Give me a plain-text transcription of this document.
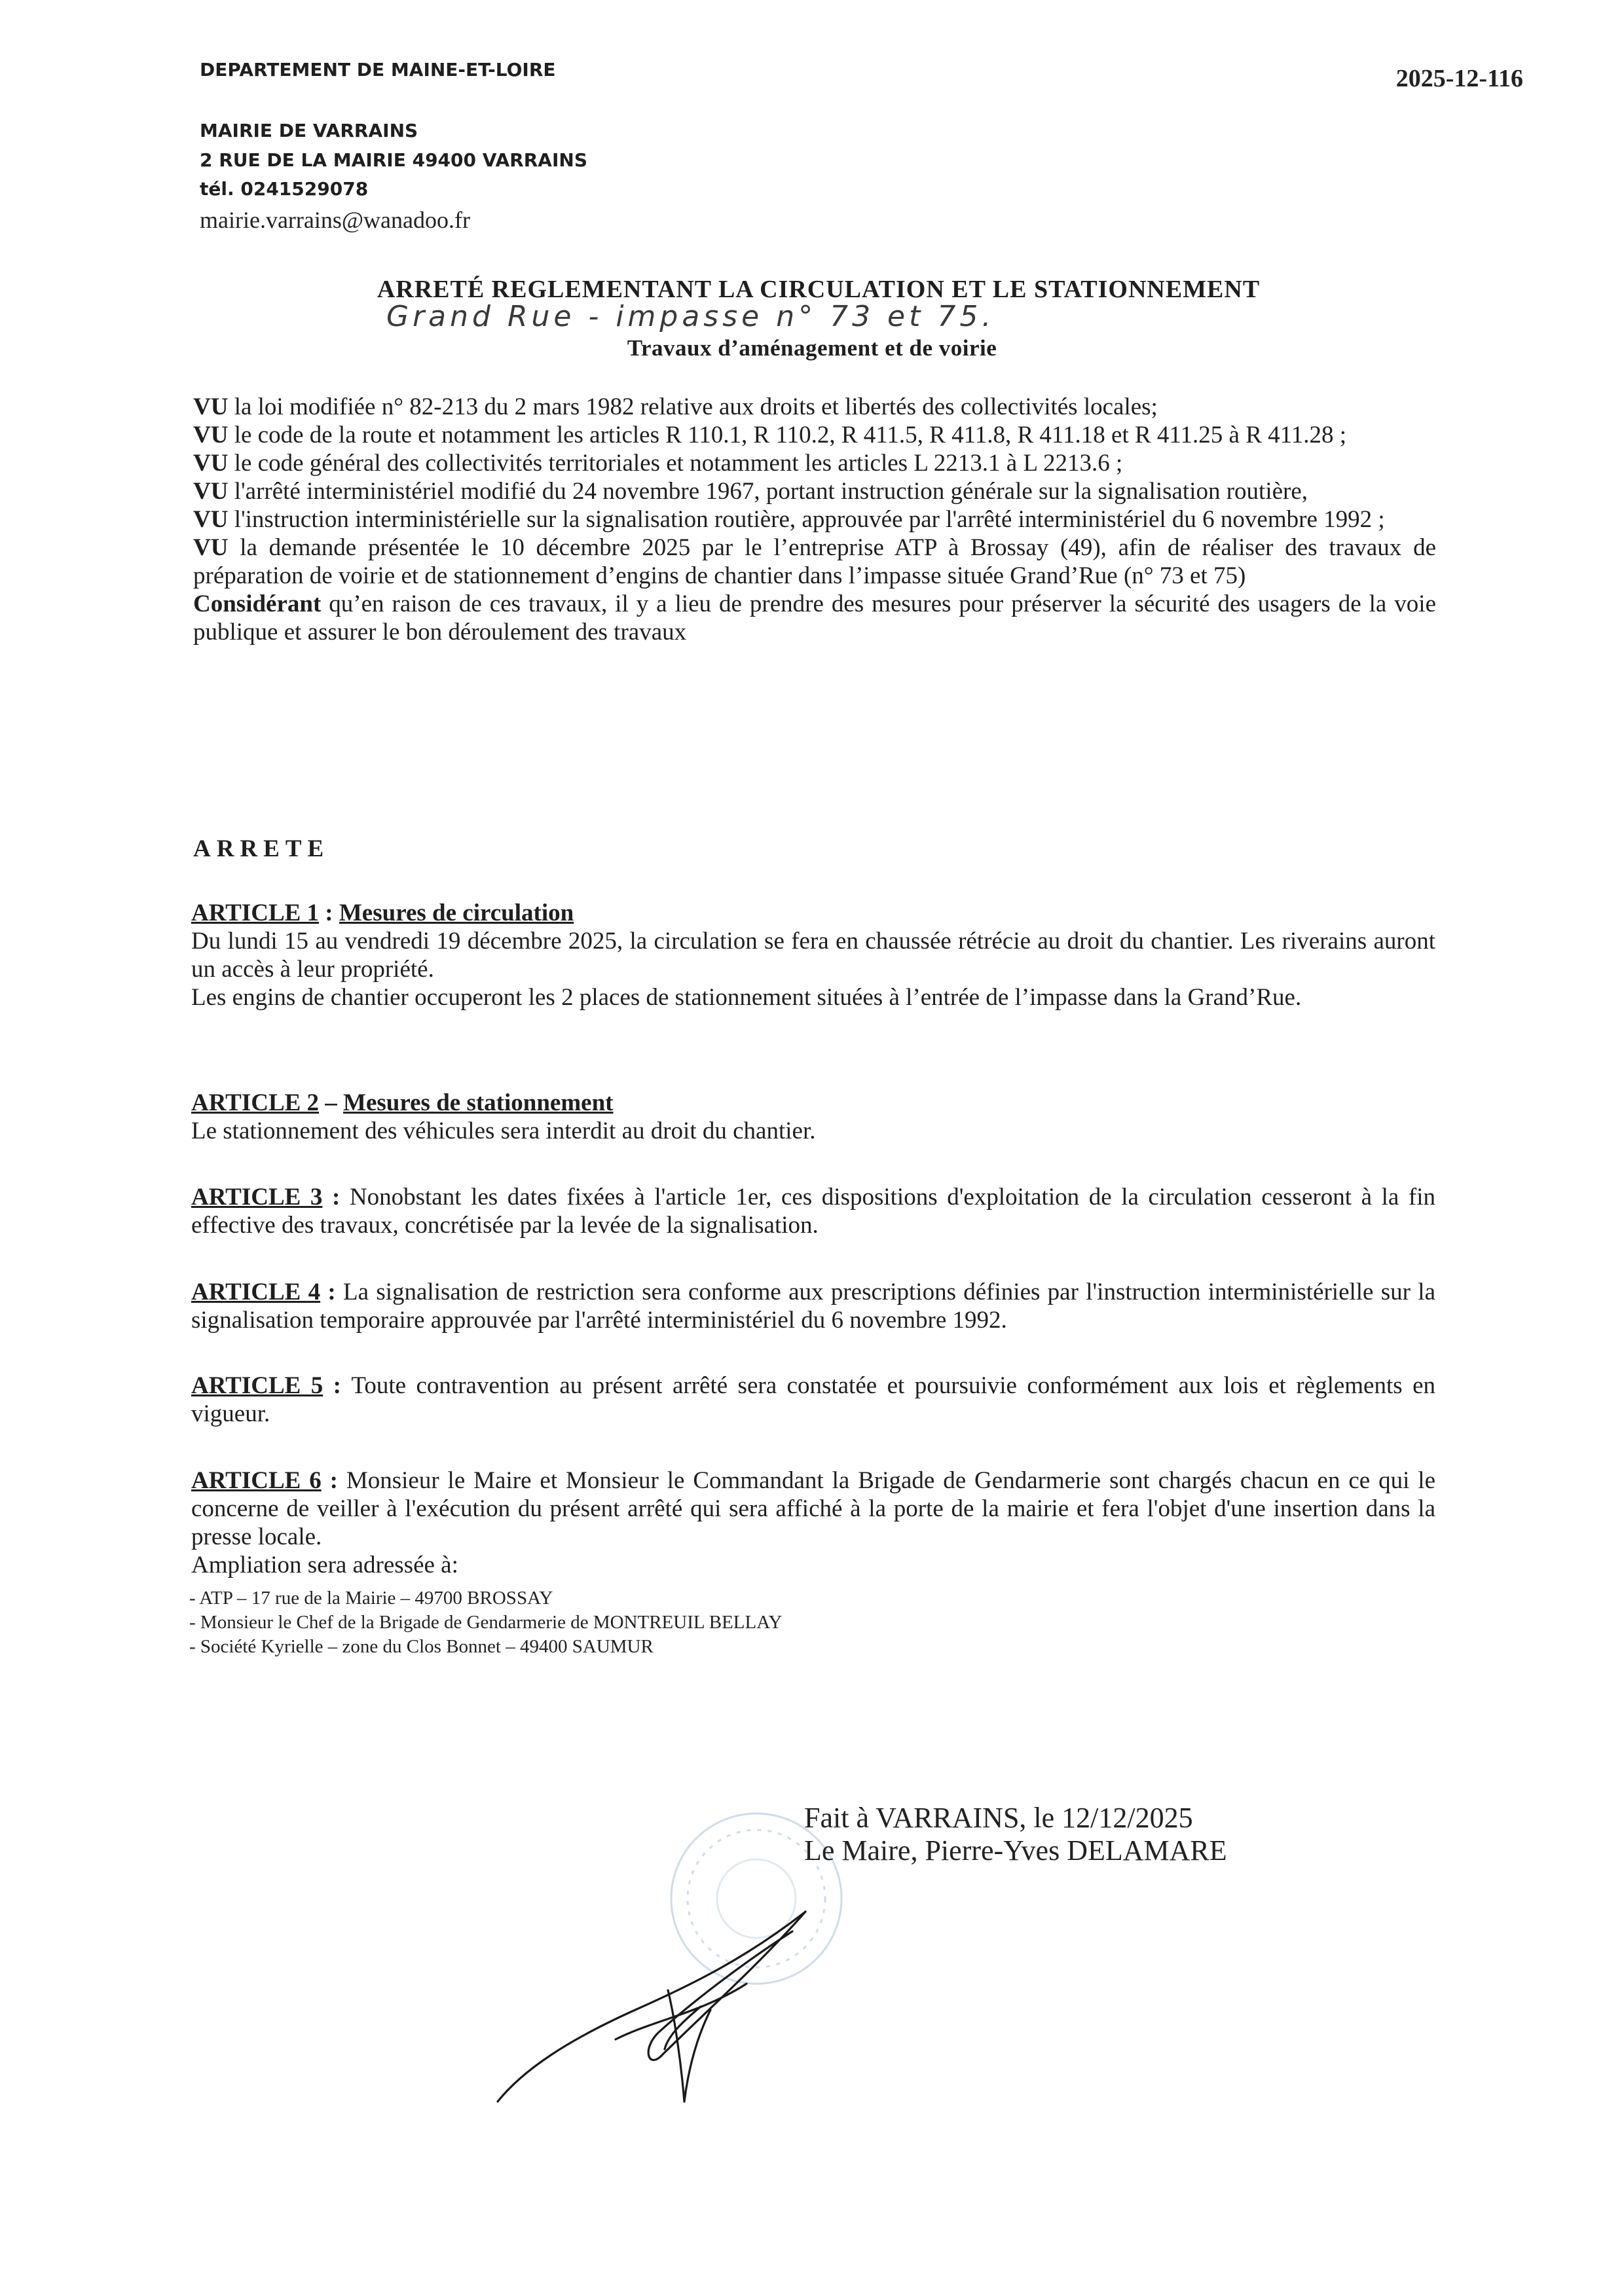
DEPARTEMENT DE MAINE-ET-LOIRE	2025-12-116
MAIRIE DE VARRAINS
2 RUE DE LA MAIRIE 49400 VARRAINS
tél. 0241529078
mairie.varrains@wanadoo.fr
ARRETÉ REGLEMENTANT LA CIRCULATION ET LE STATIONNEMENT
Grand Rue - impasse n° 73 et 75.
Travaux d’aménagement et de voirie

VU la loi modifiée n° 82-213 du 2 mars 1982 relative aux droits et libertés des collectivités locales;

VU le code de la route et notamment les articles R 110.1, R 110.2, R 411.5, R 411.8, R 411.18 et R 411.25 à R 411.28 ;

VU le code général des collectivités territoriales et notamment les articles L 2213.1 à L 2213.6 ;

VU l'arrêté interministériel modifié du 24 novembre 1967, portant instruction générale sur la signalisation routière,

VU l'instruction interministérielle sur la signalisation routière, approuvée par l'arrêté interministériel du 6 novembre 1992 ;

VU la demande présentée le 10 décembre 2025 par le l’entreprise ATP à Brossay (49), afin de réaliser des travaux de préparation de voirie et de stationnement d’engins de chantier dans l’impasse située Grand’Rue (n° 73 et 75)

Considérant qu’en raison de ces travaux, il y a lieu de prendre des mesures pour préserver la sécurité des usagers de la voie publique et assurer le bon déroulement des travaux

ARRETE

ARTICLE 1 : Mesures de circulation

Du lundi 15 au vendredi 19 décembre 2025, la circulation se fera en chaussée rétrécie au droit du chantier. Les riverains auront un accès à leur propriété.

Les engins de chantier occuperont les 2 places de stationnement situées à l’entrée de l’impasse dans la Grand’Rue.

ARTICLE 2 – Mesures de stationnement

Le stationnement des véhicules sera interdit au droit du chantier.

ARTICLE 3 : Nonobstant les dates fixées à l'article 1er, ces dispositions d'exploitation de la circulation cesseront à la fin effective des travaux, concrétisée par la levée de la signalisation.

ARTICLE 4 : La signalisation de restriction sera conforme aux prescriptions définies par l'instruction interministérielle sur la signalisation temporaire approuvée par l'arrêté interministériel du 6 novembre 1992.

ARTICLE 5 : Toute contravention au présent arrêté sera constatée et poursuivie conformément aux lois et règlements en vigueur.

ARTICLE 6 : Monsieur le Maire et Monsieur le Commandant la Brigade de Gendarmerie sont chargés chacun en ce qui le concerne de veiller à l'exécution du présent arrêté qui sera affiché à la porte de la mairie et fera l'objet d'une insertion dans la presse locale.

Ampliation sera adressée à:

- ATP – 17 rue de la Mairie – 49700 BROSSAY
- Monsieur le Chef de la Brigade de Gendarmerie de MONTREUIL BELLAY
- Société Kyrielle – zone du Clos Bonnet – 49400 SAUMUR
Fait à VARRAINS, le 12/12/2025
Le Maire, Pierre-Yves DELAMARE
